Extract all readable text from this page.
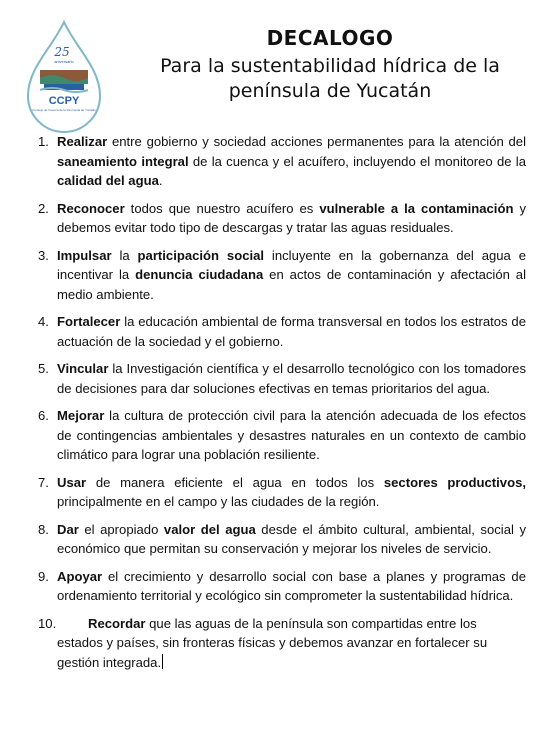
25
aniversario
CCPY
Consejo de Cuenca de la Península de Yucatán
DECALOGO
Para la sustentabilidad hídrica de la
península de Yucatán
1. Realizar entre gobierno y sociedad acciones permanentes para la atención del saneamiento integral de la cuenca y el acuífero, incluyendo el monitoreo de la calidad del agua.
2. Reconocer todos que nuestro acuífero es vulnerable a la contaminación y debemos evitar todo tipo de descargas y tratar las aguas residuales.
3. Impulsar la participación social incluyente en la gobernanza del agua e incentivar la denuncia ciudadana en actos de contaminación y afectación al medio ambiente.
4. Fortalecer la educación ambiental de forma transversal en todos los estratos de actuación de la sociedad y el gobierno.
5. Vincular la Investigación científica y el desarrollo tecnológico con los tomadores de decisiones para dar soluciones efectivas en temas prioritarios del agua.
6. Mejorar la cultura de protección civil para la atención adecuada de los efectos de contingencias ambientales y desastres naturales en un contexto de cambio climático para lograr una población resiliente.
7. Usar de manera eficiente el agua en todos los sectores productivos, principalmente en el campo y las ciudades de la región.
8. Dar el apropiado valor del agua desde el ámbito cultural, ambiental, social y económico que permitan su conservación y mejorar los niveles de servicio.
9. Apoyar el crecimiento y desarrollo social con base a planes y programas de ordenamiento territorial y ecológico sin comprometer la sustentabilidad hídrica.
10.	Recordar que las aguas de la península son compartidas entre los estados y países, sin fronteras físicas y debemos avanzar en fortalecer su gestión integrada.
